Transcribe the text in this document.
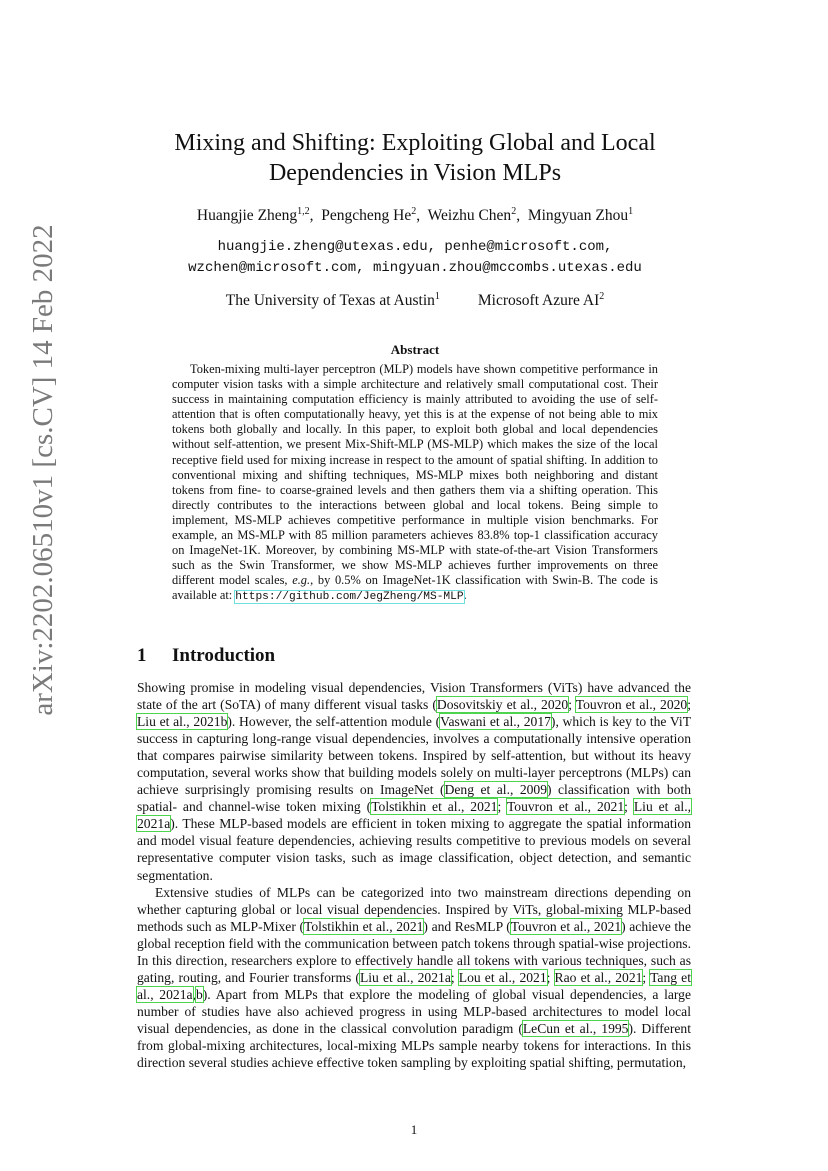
arXiv:2202.06510v1 [cs.CV] 14 Feb 2022
Mixing and Shifting: Exploiting Global and Local
Dependencies in Vision MLPs
Huangjie Zheng$^{1,2}$,  Pengcheng He$^2$,  Weizhu Chen$^2$,  Mingyuan Zhou$^1$
huangjie.zheng@utexas.edu, penhe@microsoft.com,
wzchen@microsoft.com, mingyuan.zhou@mccombs.utexas.edu
The University of Texas at Austin$^1$ Microsoft Azure $AI^2$
Abstract

Token-mixing multi-layer perceptron (MLP) models have shown competitive performance in computer vision tasks with a simple architecture and relatively small computational cost. Their success in maintaining computation efficiency is mainly attributed to avoiding the use of self-attention that is often computationally heavy, yet this is at the expense of not being able to mix tokens both globally and locally. In this paper, to exploit both global and local dependencies without self-attention, we present Mix-Shift-MLP (MS-MLP) which makes the size of the local receptive field used for mixing increase in respect to the amount of spatial shifting. In addition to conventional mixing and shifting techniques, MS-MLP mixes both neighboring and distant tokens from fine- to coarse-grained levels and then gathers them via a shifting operation. This directly contributes to the interactions between global and local tokens. Being simple to implement, MS-MLP achieves competitive performance in multiple vision benchmarks. For example, an MS-MLP with 85 million parameters achieves 83.8% top-1 classification accuracy on ImageNet-1K. Moreover, by combining MS-MLP with state-of-the-art Vision Transformers such as the Swin Transformer, we show MS-MLP achieves further improvements on three different model scales, e.g., by 0.5% on ImageNet-1K classification with Swin-B. The code is available at: https://github.com/JegZheng/MS-MLP.

1 Introduction

Showing promise in modeling visual dependencies, Vision Transformers (ViTs) have advanced the state of the art (SoTA) of many different visual tasks (Dosovitskiy et al., 2020; Touvron et al., 2020; Liu et al., 2021b). However, the self-attention module (Vaswani et al., 2017), which is key to the ViT success in capturing long-range visual dependencies, involves a computationally intensive operation that compares pairwise similarity between tokens. Inspired by self-attention, but without its heavy computation, several works show that building models solely on multi-layer perceptrons (MLPs) can achieve surprisingly promising results on ImageNet (Deng et al., 2009) classification with both spatial- and channel-wise token mixing (Tolstikhin et al., 2021; Touvron et al., 2021; Liu et al., 2021a). These MLP-based models are efficient in token mixing to aggregate the spatial information and model visual feature dependencies, achieving results competitive to previous models on several representative computer vision tasks, such as image classification, object detection, and semantic segmentation.

Extensive studies of MLPs can be categorized into two mainstream directions depending on whether capturing global or local visual dependencies. Inspired by ViTs, global-mixing MLP-based methods such as MLP-Mixer (Tolstikhin et al., 2021) and ResMLP (Touvron et al., 2021) achieve the global reception field with the communication between patch tokens through spatial-wise projections. In this direction, researchers explore to effectively handle all tokens with various techniques, such as gating, routing, and Fourier transforms (Liu et al., 2021a; Lou et al., 2021; Rao et al., 2021; Tang et al., 2021a,b). Apart from MLPs that explore the modeling of global visual dependencies, a large number of studies have also achieved progress in using MLP-based architectures to model local visual dependencies, as done in the classical convolution paradigm (LeCun et al., 1995). Different from global-mixing architectures, local-mixing MLPs sample nearby tokens for interactions. In this direction several studies achieve effective token sampling by exploiting spatial shifting, permutation,

1
